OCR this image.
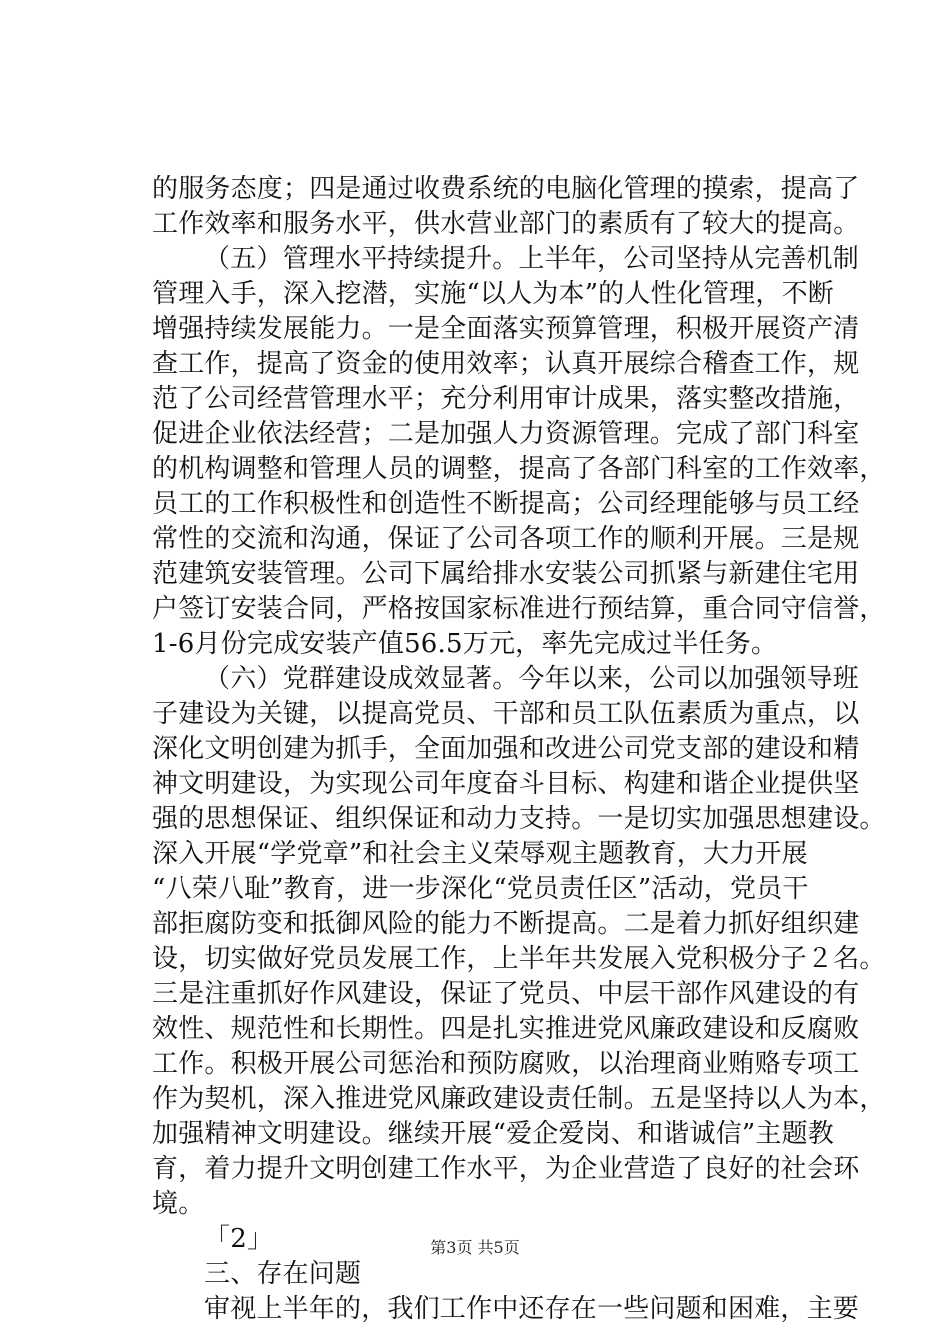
的服务态度；四是通过收费系统的电脑化管理的摸索，提高了
工作效率和服务水平，供水营业部门的素质有了较大的提高。
（五）管理水平持续提升。上半年，公司坚持从完善机制
管理入手，深入挖潜，实施“以人为本”的人性化管理，不断
增强持续发展能力。一是全面落实预算管理，积极开展资产清
查工作，提高了资金的使用效率；认真开展综合稽查工作，规
范了公司经营管理水平；充分利用审计成果，落实整改措施，
促进企业依法经营；二是加强人力资源管理。完成了部门科室
的机构调整和管理人员的调整，提高了各部门科室的工作效率，
员工的工作积极性和创造性不断提高；公司经理能够与员工经
常性的交流和沟通，保证了公司各项工作的顺利开展。三是规
范建筑安装管理。公司下属给排水安装公司抓紧与新建住宅用
户签订安装合同，严格按国家标准进行预结算，重合同守信誉，
1-6月份完成安装产值56.5万元，率先完成过半任务。
（六）党群建设成效显著。今年以来，公司以加强领导班
子建设为关键，以提高党员、干部和员工队伍素质为重点，以
深化文明创建为抓手，全面加强和改进公司党支部的建设和精
神文明建设，为实现公司年度奋斗目标、构建和谐企业提供坚
强的思想保证、组织保证和动力支持。一是切实加强思想建设。
深入开展“学党章”和社会主义荣辱观主题教育，大力开展
“八荣八耻”教育，进一步深化“党员责任区”活动，党员干
部拒腐防变和抵御风险的能力不断提高。二是着力抓好组织建
设，切实做好党员发展工作，上半年共发展入党积极分子２名。
三是注重抓好作风建设，保证了党员、中层干部作风建设的有
效性、规范性和长期性。四是扎实推进党风廉政建设和反腐败
工作。积极开展公司惩治和预防腐败，以治理商业贿赂专项工
作为契机，深入推进党风廉政建设责任制。五是坚持以人为本，
加强精神文明建设。继续开展“爱企爱岗、和谐诚信”主题教
育，着力提升文明创建工作水平，为企业营造了良好的社会环
境。
「2」
三、存在问题
审视上半年的，我们工作中还存在一些问题和困难，主要
第3页 共5页
